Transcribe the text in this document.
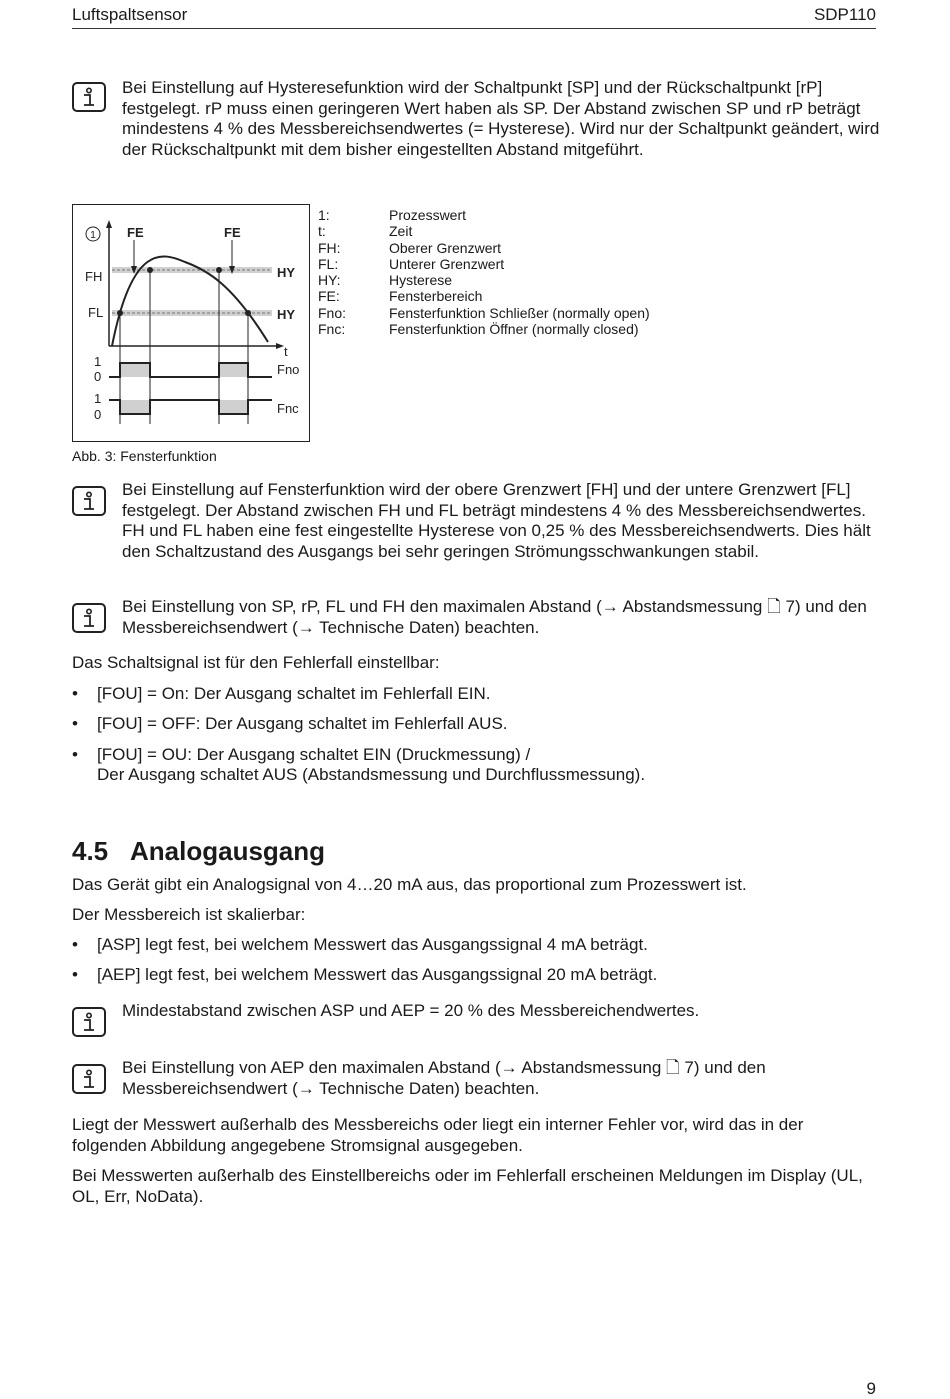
Luftspaltsensor	SDP110

Bei Einstellung auf Hysteresefunktion wird der Schaltpunkt [SP] und der Rückschaltpunkt [rP] festgelegt. rP muss einen geringeren Wert haben als SP. Der Abstand zwischen SP und rP beträgt mindestens 4 % des Messbereichsendwertes (= Hysterese). Wird nur der Schaltpunkt geändert, wird der Rückschaltpunkt mit dem bisher eingestellten Abstand mitgeführt.

1 FE	FE
FH
FL
HY
HY
t
Fno
Fnc
1
0
1
0
Abb. 3: Fensterfunktion
1:	Prozesswert
t:	Zeit
FH:	Oberer Grenzwert
FL:	Unterer Grenzwert
HY:	Hysterese
FE:	Fensterbereich
Fno:	Fensterfunktion Schließer (normally open)
Fnc:	Fensterfunktion Öffner (normally closed)

Bei Einstellung auf Fensterfunktion wird der obere Grenzwert [FH] und der untere Grenzwert [FL] festgelegt. Der Abstand zwischen FH und FL beträgt mindestens 4 % des Messbereichsendwertes. FH und FL haben eine fest eingestellte Hysterese von 0,25 % des Messbereichsendwerts. Dies hält den Schaltzustand des Ausgangs bei sehr geringen Strömungsschwankungen stabil.

Bei Einstellung von SP, rP, FL und FH den maximalen Abstand (→ Abstandsmessung 🗋 7) und den Messbereichsendwert (→ Technische Daten) beachten.

Das Schaltsignal ist für den Fehlerfall einstellbar:

• [FOU] = On: Der Ausgang schaltet im Fehlerfall EIN.

• [FOU] = OFF: Der Ausgang schaltet im Fehlerfall AUS.

• [FOU] = OU: Der Ausgang schaltet EIN (Druckmessung) /

Der Ausgang schaltet AUS (Abstandsmessung und Durchflussmessung).

4.5 Analogausgang

Das Gerät gibt ein Analogsignal von 4…20 mA aus, das proportional zum Prozesswert ist.

Der Messbereich ist skalierbar:

• [ASP] legt fest, bei welchem Messwert das Ausgangssignal 4 mA beträgt.

• [AEP] legt fest, bei welchem Messwert das Ausgangssignal 20 mA beträgt.

Mindestabstand zwischen ASP und AEP = 20 % des Messbereichendwertes.

Bei Einstellung von AEP den maximalen Abstand (→ Abstandsmessung 🗋 7) und den Messbereichsendwert (→ Technische Daten) beachten.

Liegt der Messwert außerhalb des Messbereichs oder liegt ein interner Fehler vor, wird das in der folgenden Abbildung angegebene Stromsignal ausgegeben.

Bei Messwerten außerhalb des Einstellbereichs oder im Fehlerfall erscheinen Meldungen im Display (UL, OL, Err, NoData).

9
